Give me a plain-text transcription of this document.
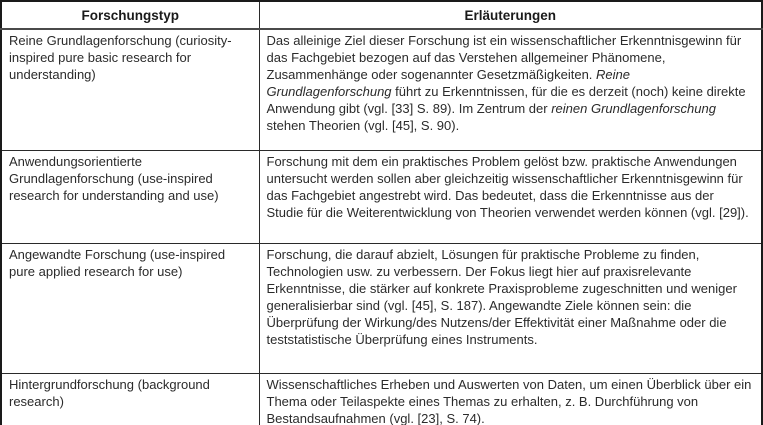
Forschungstyp	Erläuterungen
Reine Grundlagenforschung (curiosity-inspired pure basic research for understanding)	Das alleinige Ziel dieser Forschung ist ein wissenschaftlicher Erkenntnisgewinn für das Fachgebiet bezogen auf das Verstehen allgemeiner Phänomene, Zusammenhänge oder sogenannter Gesetzmäßigkeiten. Reine Grundlagenforschung führt zu Erkenntnissen, für die es derzeit (noch) keine direkte Anwendung gibt (vgl. [33] S. 89). Im Zentrum der reinen Grundlagenforschung stehen Theorien (vgl. [45], S. 90).
Anwendungsorientierte Grundlagenforschung (use-inspired research for understanding and use)	Forschung mit dem ein praktisches Problem gelöst bzw. praktische Anwendungen untersucht werden sollen aber gleichzeitig wissenschaftlicher Erkenntnisgewinn für das Fachgebiet angestrebt wird. Das bedeutet, dass die Erkenntnisse aus der Studie für die Weiterentwicklung von Theorien verwendet werden können (vgl. [29]).
Angewandte Forschung (use-inspired pure applied research for use)	Forschung, die darauf abzielt, Lösungen für praktische Probleme zu finden, Technologien usw. zu verbessern. Der Fokus liegt hier auf praxisrelevante Erkenntnisse, die stärker auf konkrete Praxisprobleme zugeschnitten und weniger generalisierbar sind (vgl. [45], S. 187). Angewandte Ziele können sein: die Überprüfung der Wirkung/des Nutzens/der Effektivität einer Maßnahme oder die teststatistische Überprüfung eines Instruments.
Hintergrundforschung (background research)	Wissenschaftliches Erheben und Auswerten von Daten, um einen Überblick über ein Thema oder Teilaspekte eines Themas zu erhalten, z. B. Durchführung von Bestandsaufnahmen (vgl. [23], S. 74).
